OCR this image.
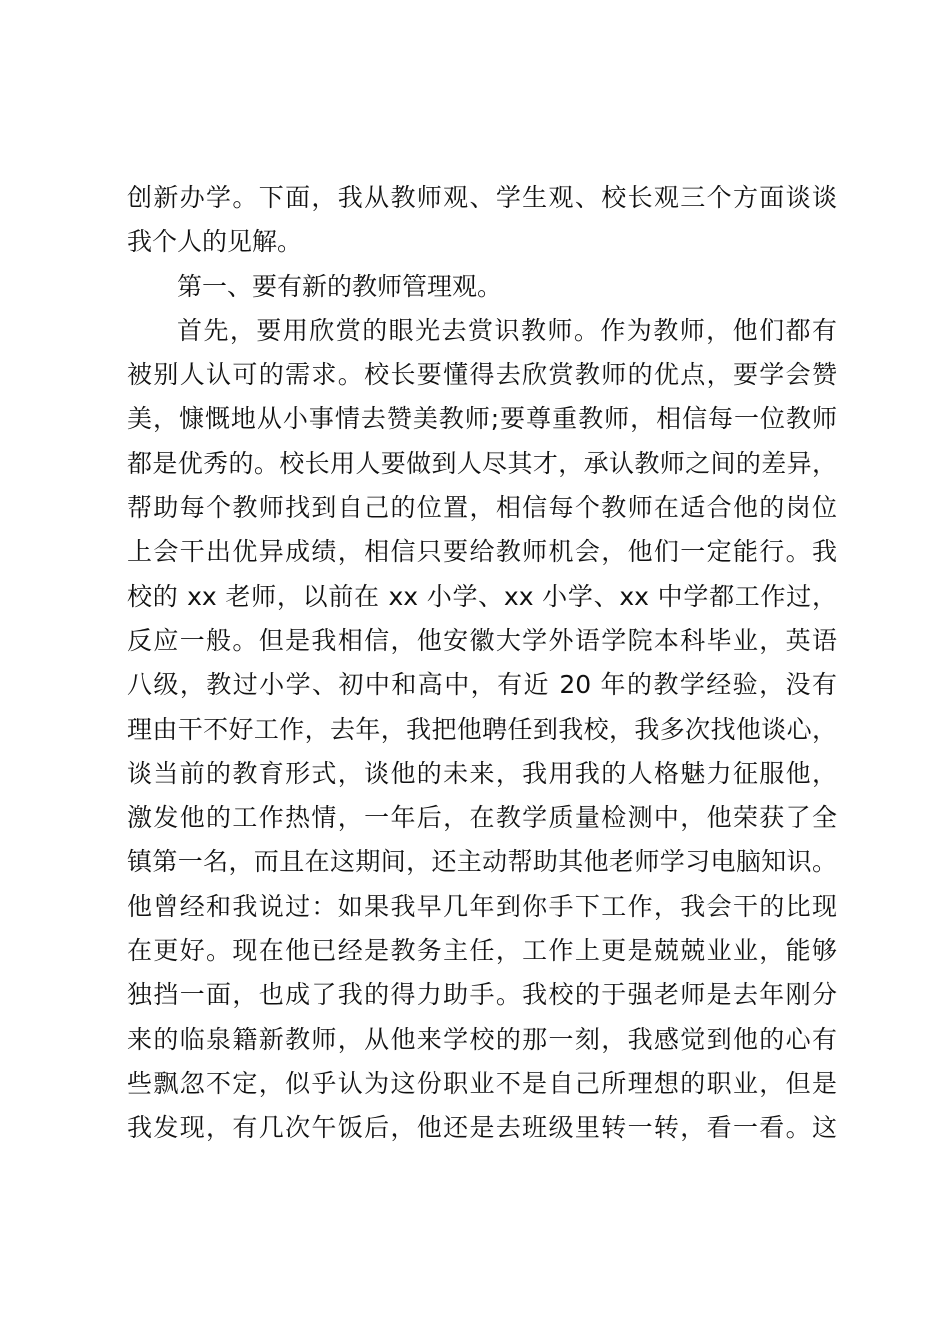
创新办学。下面，我从教师观、学生观、校长观三个方面谈谈
我个人的见解。
第一、要有新的教师管理观。
首先，要用欣赏的眼光去赏识教师。作为教师，他们都有
被别人认可的需求。校长要懂得去欣赏教师的优点，要学会赞
美，慷慨地从小事情去赞美教师;要尊重教师，相信每一位教师
都是优秀的。校长用人要做到人尽其才，承认教师之间的差异，
帮助每个教师找到自己的位置，相信每个教师在适合他的岗位
上会干出优异成绩，相信只要给教师机会，他们一定能行。我
校的 xx 老师，以前在 xx 小学、xx 小学、xx 中学都工作过，
反应一般。但是我相信，他安徽大学外语学院本科毕业，英语
八级，教过小学、初中和高中，有近 20 年的教学经验，没有
理由干不好工作，去年，我把他聘任到我校，我多次找他谈心，
谈当前的教育形式，谈他的未来，我用我的人格魅力征服他，
激发他的工作热情，一年后，在教学质量检测中，他荣获了全
镇第一名，而且在这期间，还主动帮助其他老师学习电脑知识。
他曾经和我说过：如果我早几年到你手下工作，我会干的比现
在更好。现在他已经是教务主任，工作上更是兢兢业业，能够
独挡一面，也成了我的得力助手。我校的于强老师是去年刚分
来的临泉籍新教师，从他来学校的那一刻，我感觉到他的心有
些飘忽不定，似乎认为这份职业不是自己所理想的职业，但是
我发现，有几次午饭后，他还是去班级里转一转，看一看。这
